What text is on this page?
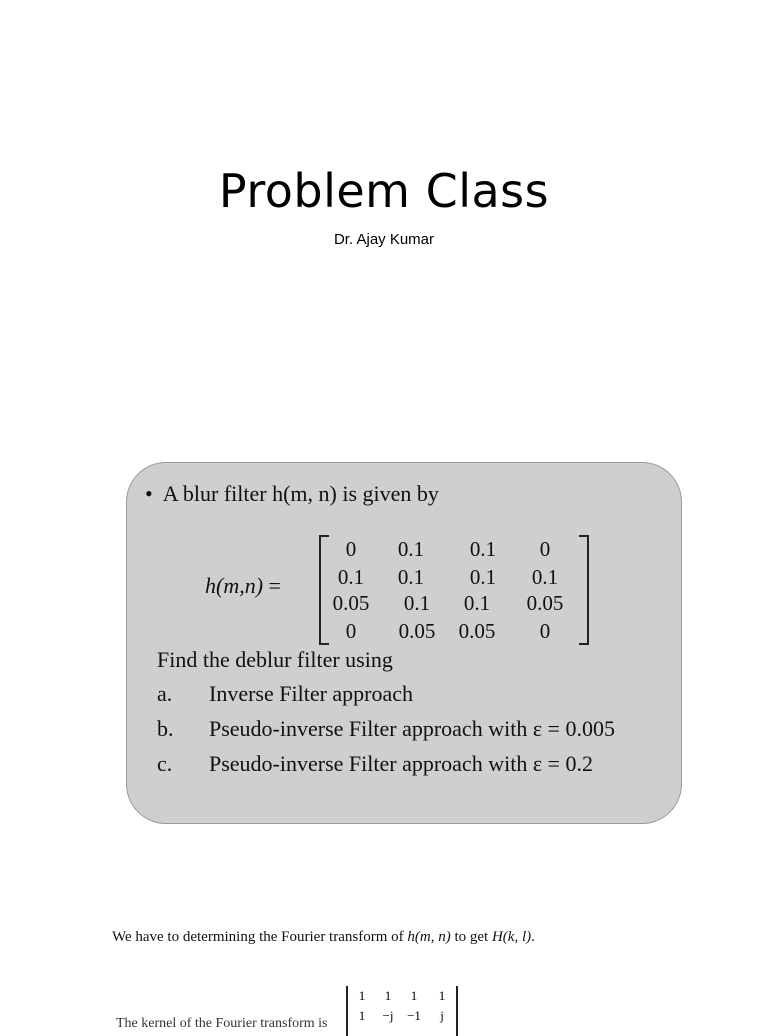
Problem Class
Dr. Ajay Kumar
• A blur filter h(m, n) is given by
h(m,n) =
0	0.1	0.1	0
0.1	0.1	0.1	0.1
0.05	0.1	0.1	0.05
0	0.05	0.05	0
Find the deblur filter using
a. Inverse Filter approach
b. Pseudo-inverse Filter approach with ε = 0.005
c. Pseudo-inverse Filter approach with ε = 0.2
We have to determining the Fourier transform of h(m, n) to get H(k, l).
1	1	1	1
1	−j	−1	j
The kernel of the Fourier transform is
